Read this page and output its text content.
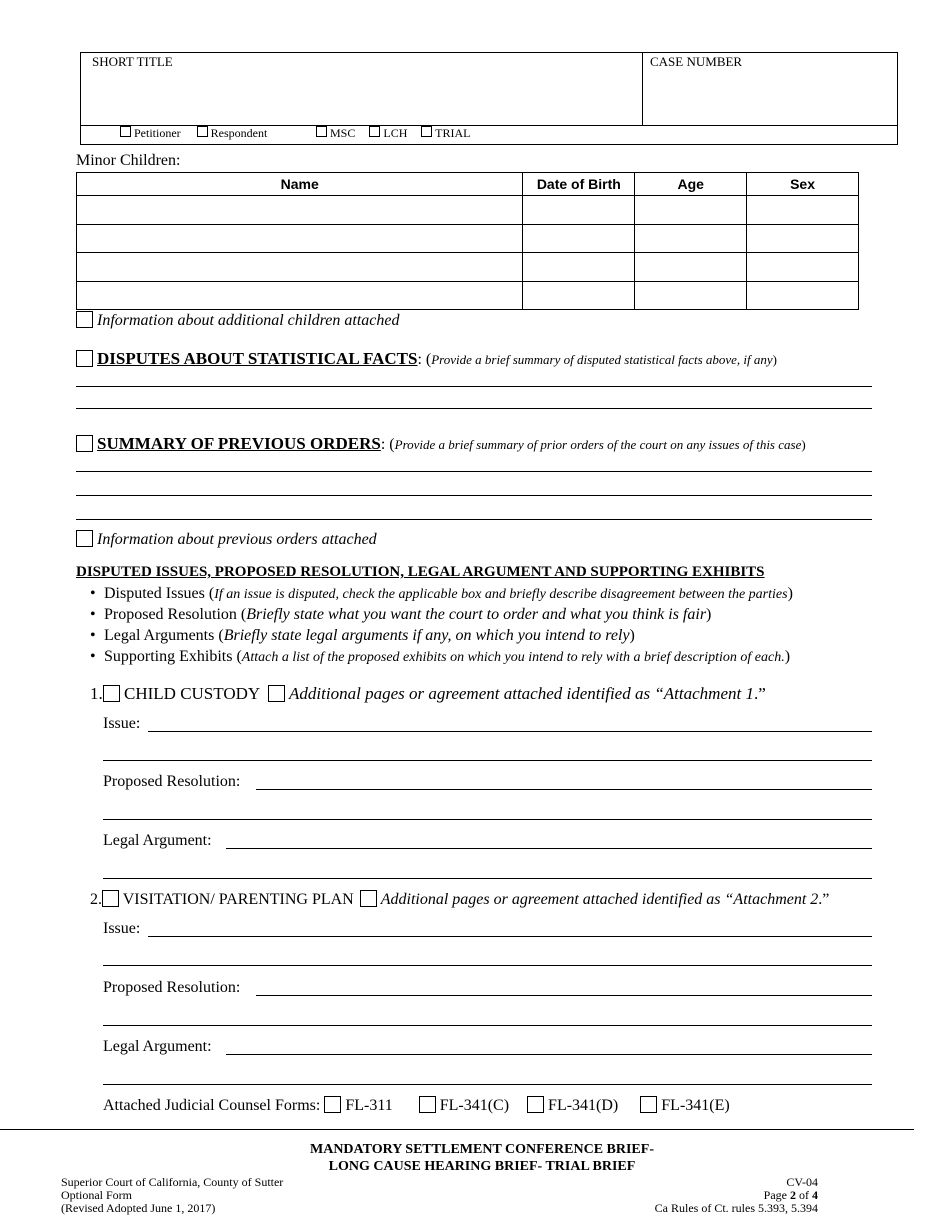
SHORT TITLE	CASE NUMBER
Petitioner	Respondent	MSC LCH TRIAL
Minor Children:
Name	Date of Birth	Age	Sex

Information about additional children attached
DISPUTES ABOUT STATISTICAL FACTS: (Provide a brief summary of disputed statistical facts above, if any)
SUMMARY OF PREVIOUS ORDERS: (Provide a brief summary of prior orders of the court on any issues of this case)
Information about previous orders attached
DISPUTED ISSUES, PROPOSED RESOLUTION, LEGAL ARGUMENT AND SUPPORTING EXHIBITS
• Disputed Issues (If an issue is disputed, check the applicable box and briefly describe disagreement between the parties)
• Proposed Resolution (Briefly state what you want the court to order and what you think is fair)
• Legal Arguments (Briefly state legal arguments if any, on which you intend to rely)
• Supporting Exhibits (Attach a list of the proposed exhibits on which you intend to rely with a brief description of each.)
1. CHILD CUSTODY Additional pages or agreement attached identified as “Attachment 1.”
Issue:
Proposed Resolution:
Legal Argument:
2. VISITATION/ PARENTING PLAN Additional pages or agreement attached identified as “Attachment 2.”
Issue:
Proposed Resolution:
Legal Argument:
Attached Judicial Counsel Forms: FL-311	FL-341(C) FL-341(D)	FL-341(E)
MANDATORY SETTLEMENT CONFERENCE BRIEF-
LONG CAUSE HEARING BRIEF- TRIAL BRIEF
Superior Court of California, County of Sutter
Optional Form
(Revised Adopted June 1, 2017)
CV-04
Page 2 of 4
Ca Rules of Ct. rules 5.393, 5.394
